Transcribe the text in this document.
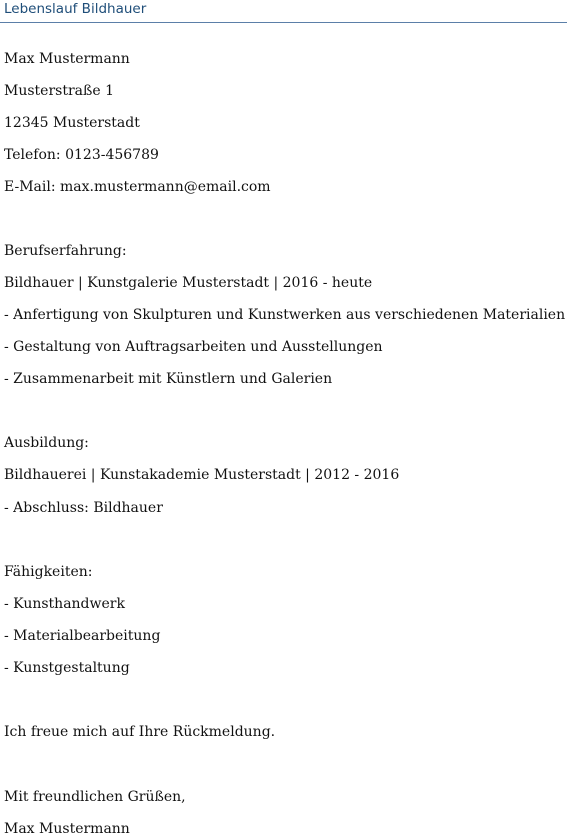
Lebenslauf Bildhauer
Max Mustermann
Musterstraße 1
12345 Musterstadt
Telefon: 0123-456789
E-Mail: max.mustermann@email.com
Berufserfahrung:
Bildhauer | Kunstgalerie Musterstadt | 2016 - heute
- Anfertigung von Skulpturen und Kunstwerken aus verschiedenen Materialien
- Gestaltung von Auftragsarbeiten und Ausstellungen
- Zusammenarbeit mit Künstlern und Galerien
Ausbildung:
Bildhauerei | Kunstakademie Musterstadt | 2012 - 2016
- Abschluss: Bildhauer
Fähigkeiten:
- Kunsthandwerk
- Materialbearbeitung
- Kunstgestaltung
Ich freue mich auf Ihre Rückmeldung.
Mit freundlichen Grüßen,
Max Mustermann
